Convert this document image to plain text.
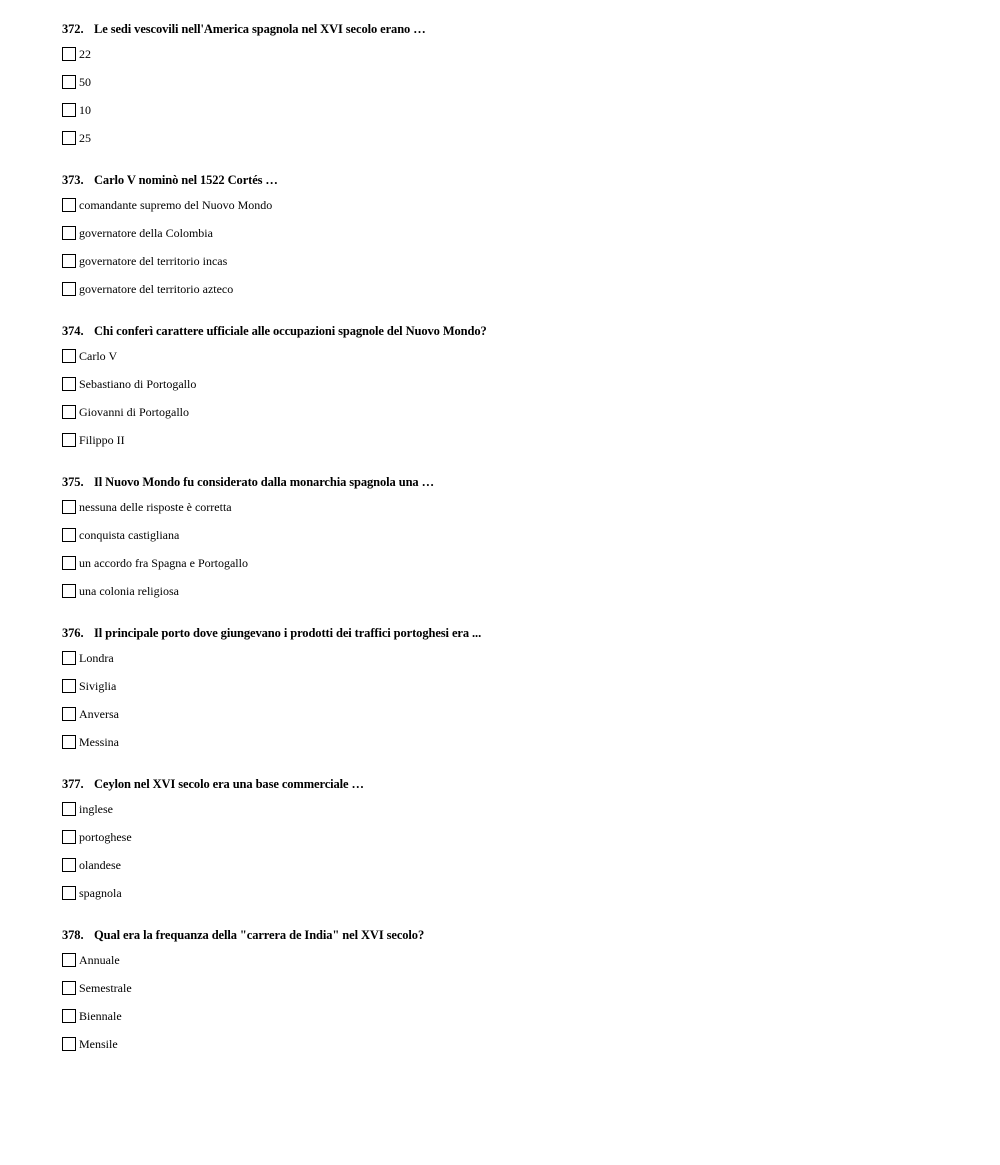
372. Le sedi vescovili nell'America spagnola nel XVI secolo erano …
22
50
10
25
373. Carlo V nominò nel 1522 Cortés …
comandante supremo del Nuovo Mondo
governatore della Colombia
governatore del territorio incas
governatore del territorio azteco
374. Chi conferì carattere ufficiale alle occupazioni spagnole del Nuovo Mondo?
Carlo V
Sebastiano di Portogallo
Giovanni di Portogallo
Filippo II
375. Il Nuovo Mondo fu considerato dalla monarchia spagnola una …
nessuna delle risposte è corretta
conquista castigliana
un accordo fra Spagna e Portogallo
una colonia religiosa
376. Il principale porto dove giungevano i prodotti dei traffici portoghesi era ...
Londra
Siviglia
Anversa
Messina
377. Ceylon nel XVI secolo era una base commerciale …
inglese
portoghese
olandese
spagnola
378. Qual era la frequanza della "carrera de India" nel XVI secolo?
Annuale
Semestrale
Biennale
Mensile
